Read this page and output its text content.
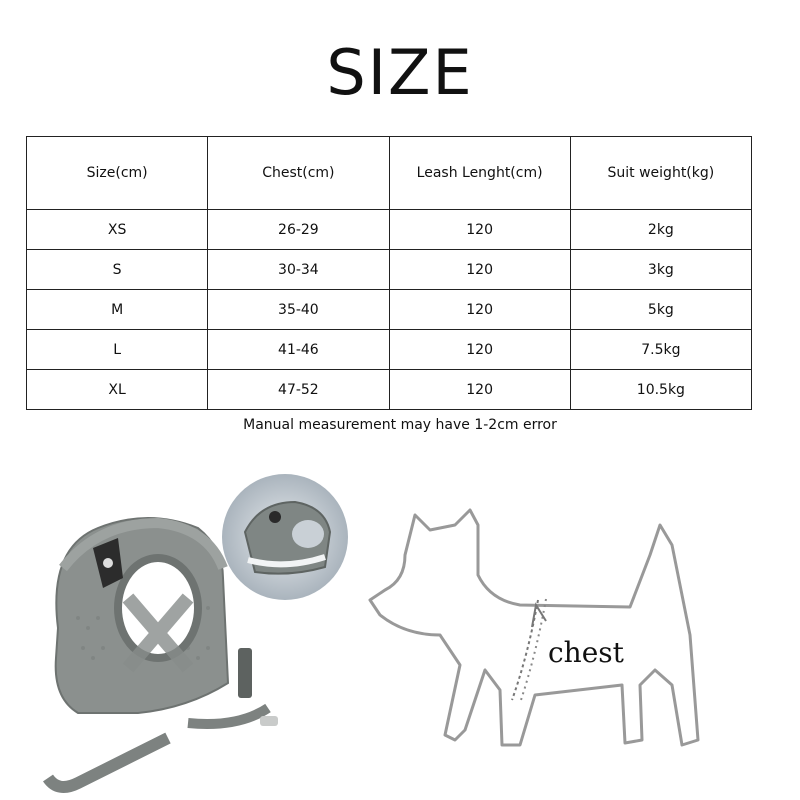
SIZE
Size(cm)	Chest(cm)	Leash Lenght(cm)	Suit weight(kg)
XS	26-29	120	2kg
S	30-34	120	3kg
M	35-40	120	5kg
L	41-46	120	7.5kg
XL	47-52	120	10.5kg
Manual measurement may have 1-2cm error
chest
